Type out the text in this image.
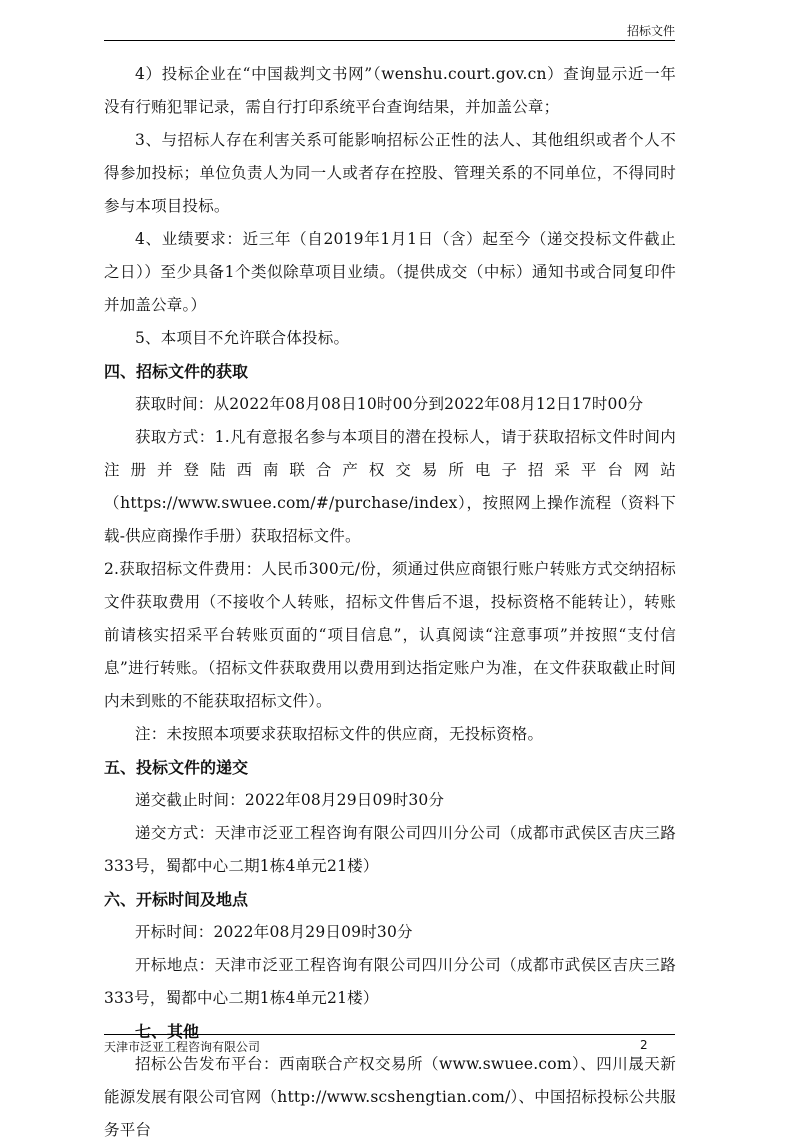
招标文件

4）投标企业在“中国裁判文书网”（wenshu.court.gov.cn）查询显示近一年没有行贿犯罪记录，需自行打印系统平台查询结果，并加盖公章；

3、与招标人存在利害关系可能影响招标公正性的法人、其他组织或者个人不得参加投标；单位负责人为同一人或者存在控股、管理关系的不同单位，不得同时参与本项目投标。

4、业绩要求：近三年（自2019年1月1日（含）起至今（递交投标文件截止之日））至少具备1个类似除草项目业绩。（提供成交（中标）通知书或合同复印件并加盖公章。）

5、本项目不允许联合体投标。

四、招标文件的获取

获取时间：从2022年08月08日10时00分到2022年08月12日17时00分

获取方式：1.凡有意报名参与本项目的潜在投标人，请于获取招标文件时间内注册并登陆西南联合产权交易所电子招采平台网站（https://www.swuee.com/#/purchase/index），按照网上操作流程（资料下载-供应商操作手册）获取招标文件。

2.获取招标文件费用：人民币300元/份，须通过供应商银行账户转账方式交纳招标文件获取费用（不接收个人转账，招标文件售后不退，投标资格不能转让），转账前请核实招采平台转账页面的“项目信息”，认真阅读“注意事项”并按照“支付信息”进行转账。（招标文件获取费用以费用到达指定账户为准，在文件获取截止时间内未到账的不能获取招标文件）。

注：未按照本项要求获取招标文件的供应商，无投标资格。

五、投标文件的递交

递交截止时间：2022年08月29日09时30分

递交方式：天津市泛亚工程咨询有限公司四川分公司（成都市武侯区吉庆三路333号，蜀都中心二期1栋4单元21楼）

六、开标时间及地点

开标时间：2022年08月29日09时30分

开标地点：天津市泛亚工程咨询有限公司四川分公司（成都市武侯区吉庆三路333号，蜀都中心二期1栋4单元21楼）

七、其他

招标公告发布平台：西南联合产权交易所（www.swuee.com）、四川晟天新能源发展有限公司官网（http://www.scshengtian.com/）、中国招标投标公共服务平台

天津市泛亚工程咨询有限公司	2
